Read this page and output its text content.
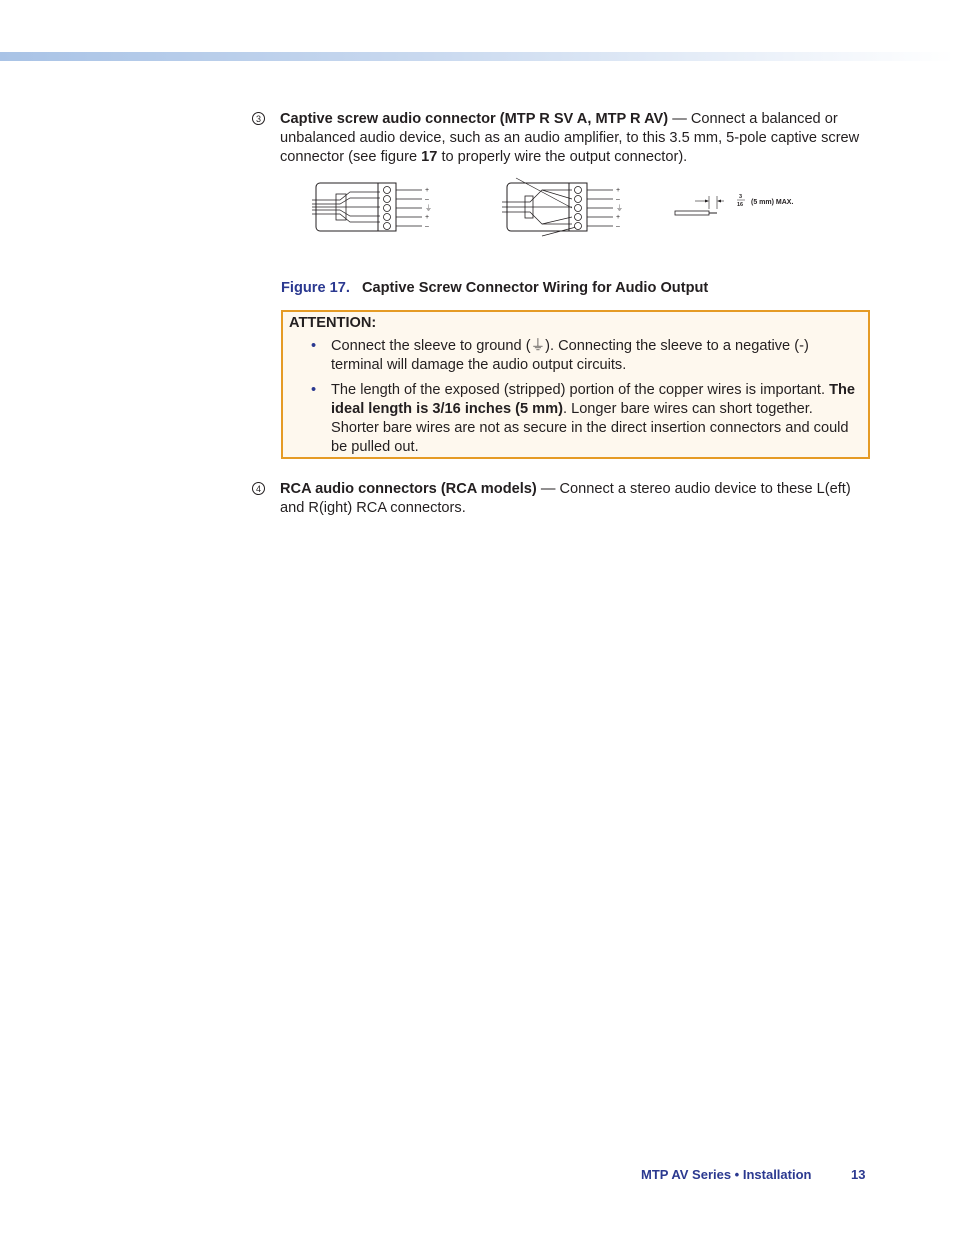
3 Captive screw audio connector (MTP R SV A, MTP R AV) — Connect a balanced or unbalanced audio device, such as an audio amplifier, to this 3.5 mm, 5-pole captive screw connector (see figure 17 to properly wire the output connector).
+
–
⏚
+
–
+
–
⏚
+
–
3
16 (5 mm) MAX.
Figure 17. Captive Screw Connector Wiring for Audio Output
ATTENTION:
• Connect the sleeve to ground (⏚). Connecting the sleeve to a negative (-) terminal will damage the audio output circuits.
• The length of the exposed (stripped) portion of the copper wires is important. The ideal length is 3/16 inches (5 mm). Longer bare wires can short together. Shorter bare wires are not as secure in the direct insertion connectors and could be pulled out.
4 RCA audio connectors (RCA models) — Connect a stereo audio device to these L(eft) and R(ight) RCA connectors.
MTP AV Series • Installation	13
